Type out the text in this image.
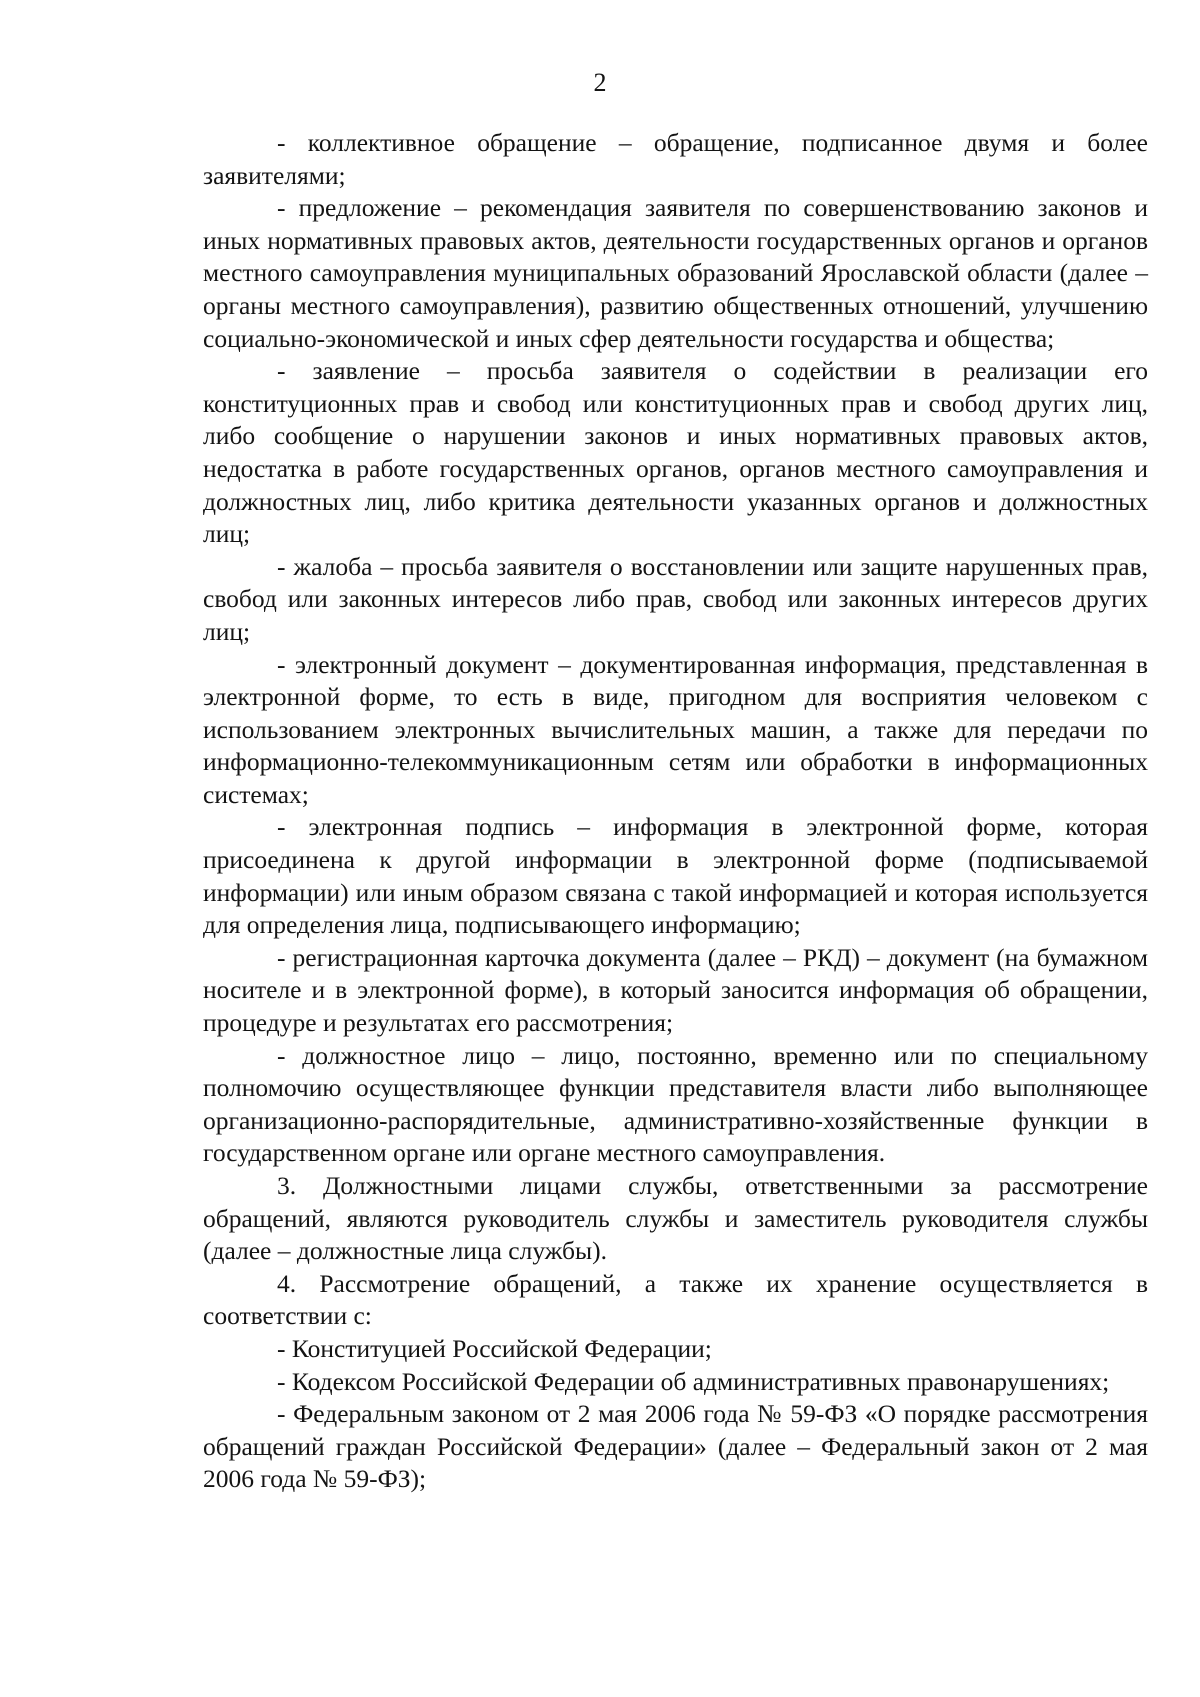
2

- коллективное обращение – обращение, подписанное двумя и более заявителями;

- предложение – рекомендация заявителя по совершенствованию законов и иных нормативных правовых актов, деятельности государственных органов и органов местного самоуправления муниципальных образований Ярославской области (далее – органы местного самоуправления), развитию общественных отношений, улучшению социально-экономической и иных сфер деятельности государства и общества;

- заявление – просьба заявителя о содействии в реализации его конституционных прав и свобод или конституционных прав и свобод других лиц, либо сообщение о нарушении законов и иных нормативных правовых актов, недостатка в работе государственных органов, органов местного самоуправления и должностных лиц, либо критика деятельности указанных органов и должностных лиц;

- жалоба – просьба заявителя о восстановлении или защите нарушенных прав, свобод или законных интересов либо прав, свобод или законных интересов других лиц;

- электронный документ – документированная информация, представленная в электронной форме, то есть в виде, пригодном для восприятия человеком с использованием электронных вычислительных машин, а также для передачи по информационно-телекоммуникационным сетям или обработки в информационных системах;

- электронная подпись – информация в электронной форме, которая присоединена к другой информации в электронной форме (подписываемой информации) или иным образом связана с такой информацией и которая используется для определения лица, подписывающего информацию;

- регистрационная карточка документа (далее – РКД) – документ (на бумажном носителе и в электронной форме), в который заносится информация об обращении, процедуре и результатах его рассмотрения;

- должностное лицо – лицо, постоянно, временно или по специальному полномочию осуществляющее функции представителя власти либо выполняющее организационно-распорядительные, административно-хозяйственные функции в государственном органе или органе местного самоуправления.

3. Должностными лицами службы, ответственными за рассмотрение обращений, являются руководитель службы и заместитель руководителя службы (далее – должностные лица службы).

4. Рассмотрение обращений, а также их хранение осуществляется в соответствии с:

- Конституцией Российской Федерации;

- Кодексом Российской Федерации об административных правонарушениях;

- Федеральным законом от 2 мая 2006 года № 59-ФЗ «О порядке рассмотрения обращений граждан Российской Федерации» (далее – Федеральный закон от 2 мая 2006 года № 59-ФЗ);
